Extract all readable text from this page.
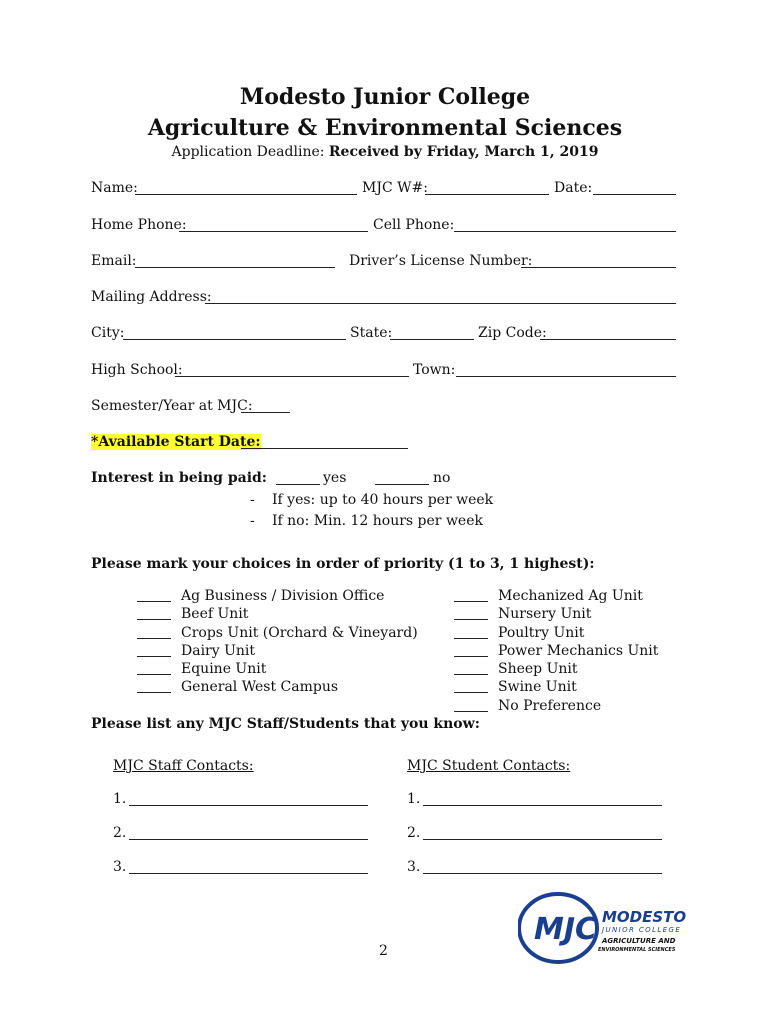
Modesto Junior College
Agriculture & Environmental Sciences
Application Deadline: Received by Friday, March 1, 2019
Name:	MJC W#:	Date:
Home Phone:	Cell Phone:
Email:	Driver’s License Number:
Mailing Address:
City:	State:	Zip Code:
High School:	Town:
Semester/Year at MJC:
*Available Start Date:
Interest in being paid:	yes	no
- If yes: up to 40 hours per week
- If no: Min. 12 hours per week
Please mark your choices in order of priority (1 to 3, 1 highest):
Ag Business / Division Office
Beef Unit
Crops Unit (Orchard & Vineyard)
Dairy Unit
Equine Unit
General West Campus
Mechanized Ag Unit
Nursery Unit
Poultry Unit
Power Mechanics Unit
Sheep Unit
Swine Unit
No Preference
Please list any MJC Staff/Students that you know:
MJC Staff Contacts:	MJC Student Contacts:
1.	1.
2.	2.
3.	3.
2
MJC MODESTO
JUNIOR COLLEGE
AGRICULTURE AND
ENVIRONMENTAL SCIENCES
